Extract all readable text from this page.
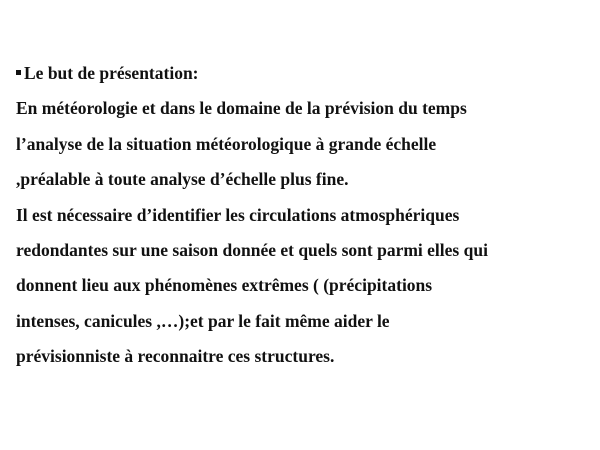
Le but de présentation:
En météorologie et dans le domaine de la prévision du temps
l’analyse de la situation météorologique à grande échelle
,préalable à toute analyse d’échelle plus fine.
Il est nécessaire d’identifier les circulations atmosphériques
redondantes sur une saison donnée et quels sont parmi elles qui
donnent lieu aux phénomènes extrêmes ( (précipitations
intenses, canicules ,…);et par le fait même aider le
prévisionniste à reconnaitre ces structures.
